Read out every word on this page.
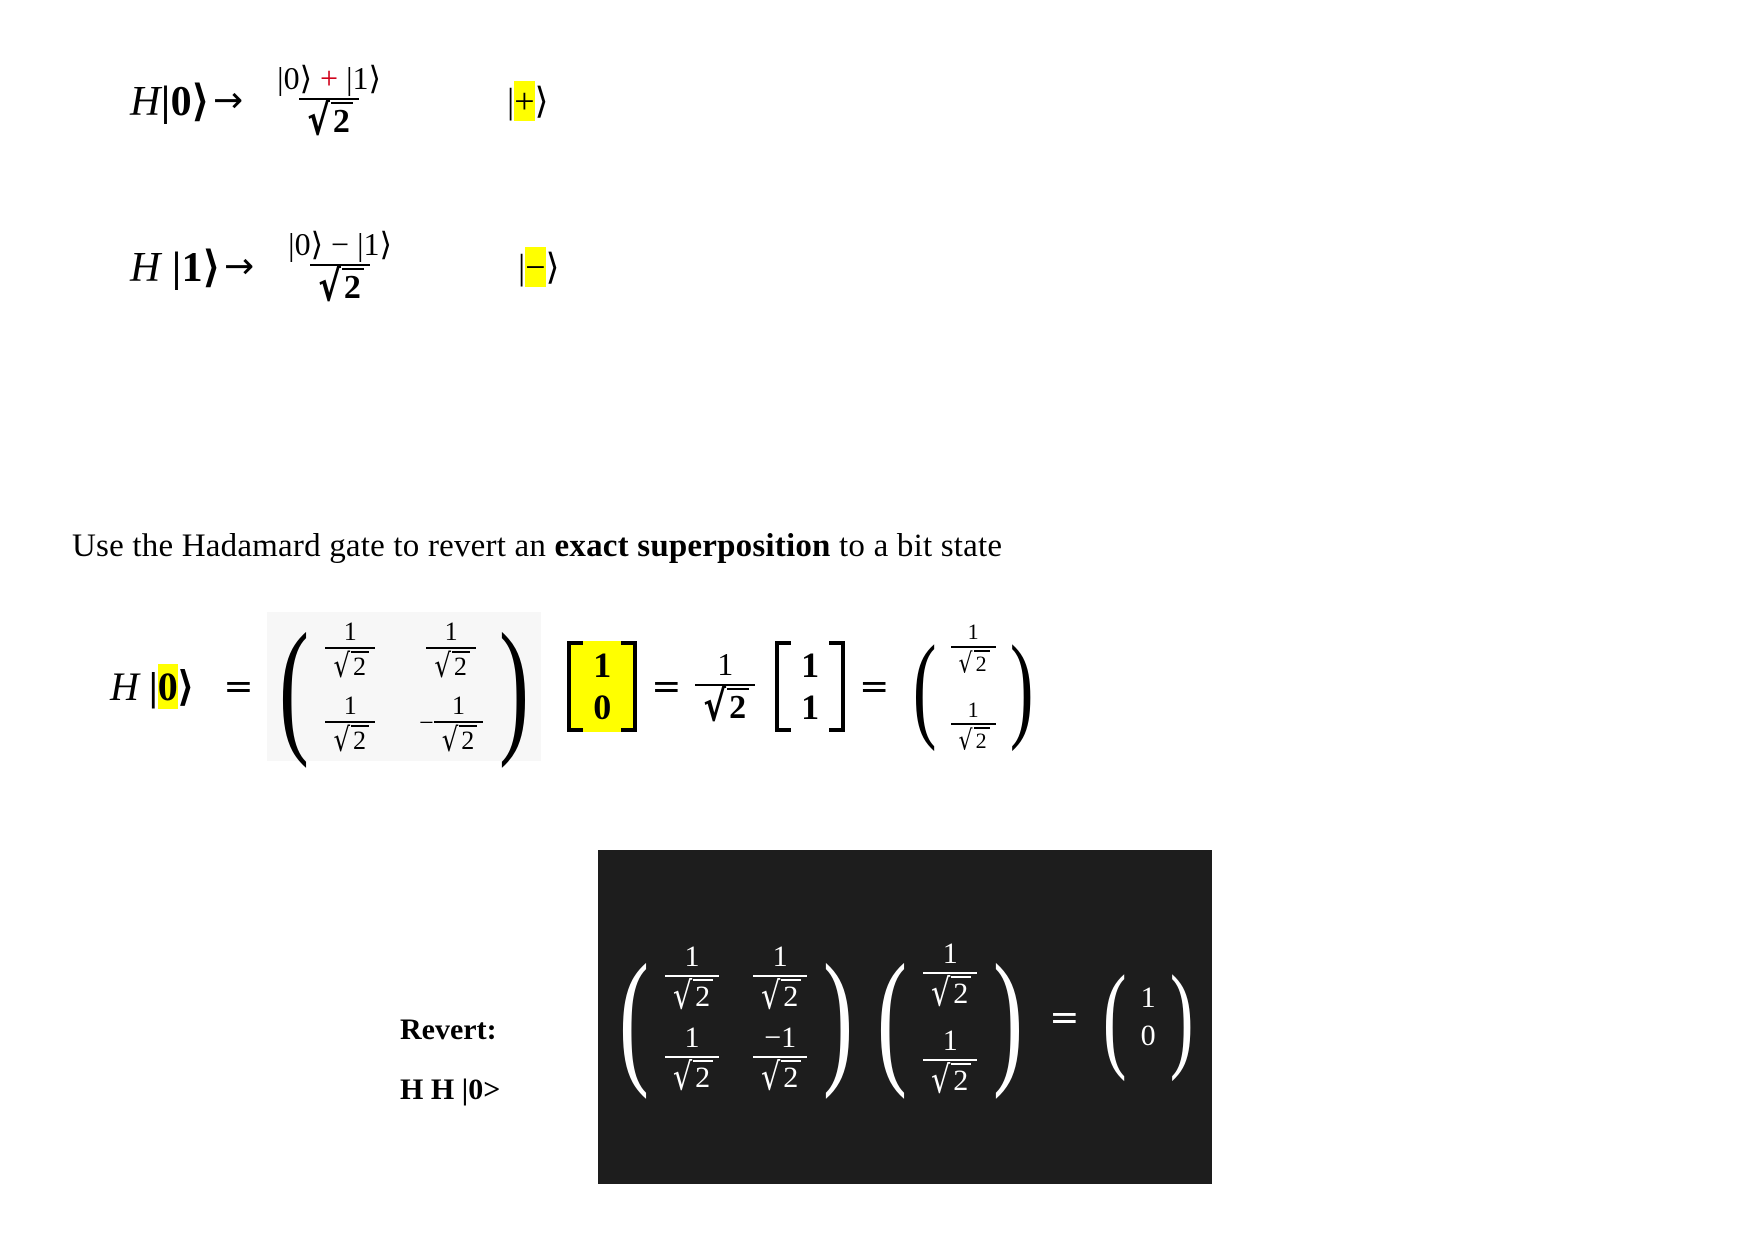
H|0⟩ → $\frac{|0⟩ + |1⟩}{√2}$	|+⟩
H |1⟩ → $\frac{|0⟩ - |1⟩}{√2}$	|−⟩

Use the Hadamard gate to revert an exact superposition to a bit state

H |0⟩ = ( $\frac{1}{√ 2} \frac{1}{√ 2}$
$\frac{1}{√ 2} - \frac{1}{√ 2}$ ) 1
$0 = \frac{1}{√2} 1$
1 = ( $\frac{1}{√ 2}$
$\frac{1}{√ 2}$ )
Revert:
H H |0> ( $\frac{1}{√ 2} \frac{1}{√ 2}$
$\frac{1}{√ 2} \frac{-1}{√ 2}$ ) ( $\frac{1}{√ 2}$
$\frac{1}{√ 2}$ ) = ( 1
0 )
